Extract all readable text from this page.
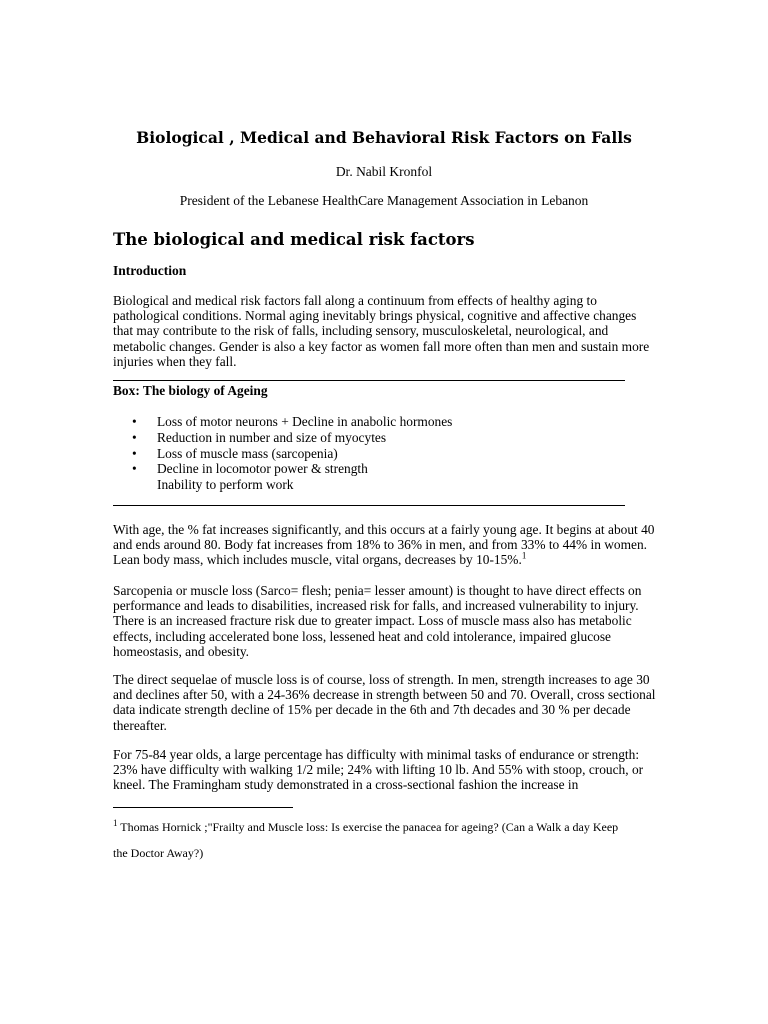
Biological , Medical and Behavioral Risk Factors on Falls
Dr. Nabil Kronfol
President of the Lebanese HealthCare Management Association in Lebanon
The biological and medical risk factors
Introduction

Biological and medical risk factors fall along a continuum from effects of healthy aging to pathological conditions. Normal aging inevitably brings physical, cognitive and affective changes that may contribute to the risk of falls, including sensory, musculoskeletal, neurological, and metabolic changes. Gender is also a key factor as women fall more often than men and sustain more injuries when they fall.

Box: The biology of Ageing
• Loss of motor neurons + Decline in anabolic hormones
• Reduction in number and size of myocytes
• Loss of muscle mass (sarcopenia)
• Decline in locomotor power & strength
Inability to perform work

With age, the % fat increases significantly, and this occurs at a fairly young age. It begins at about 40 and ends around 80. Body fat increases from 18% to 36% in men, and from 33% to 44% in women. Lean body mass, which includes muscle, vital organs, decreases by 10-15%.$^1$

Sarcopenia or muscle loss (Sarco= flesh; penia= lesser amount) is thought to have direct effects on performance and leads to disabilities, increased risk for falls, and increased vulnerability to injury. There is an increased fracture risk due to greater impact. Loss of muscle mass also has metabolic effects, including accelerated bone loss, lessened heat and cold intolerance, impaired glucose homeostasis, and obesity.

The direct sequelae of muscle loss is of course, loss of strength. In men, strength increases to age 30 and declines after 50, with a 24-36% decrease in strength between 50 and 70. Overall, cross sectional data indicate strength decline of 15% per decade in the 6th and 7th decades and 30 % per decade thereafter.

For 75-84 year olds, a large percentage has difficulty with minimal tasks of endurance or strength: 23% have difficulty with walking 1/2 mile; 24% with lifting 10 lb. And 55% with stoop, crouch, or kneel. The Framingham study demonstrated in a cross-sectional fashion the increase in

$^1$ Thomas Hornick ;"Frailty and Muscle loss: Is exercise the panacea for ageing? (Can a Walk a day Keep the Doctor Away?)
